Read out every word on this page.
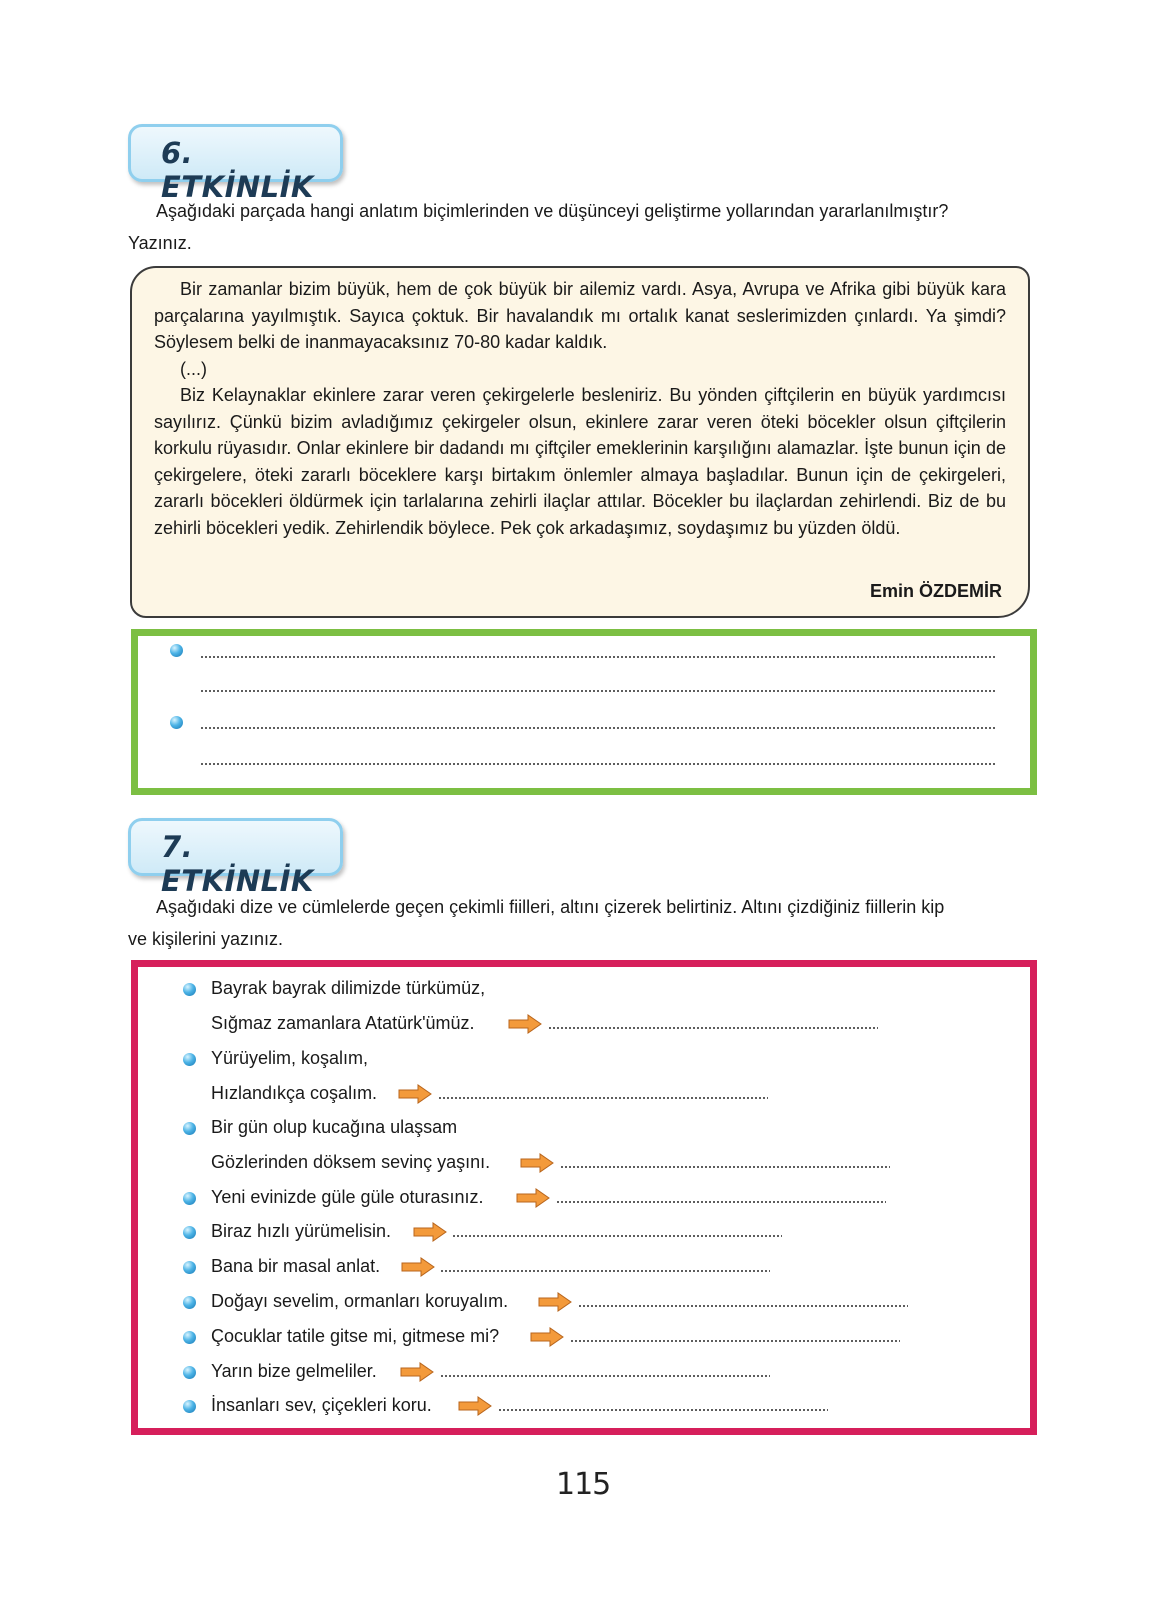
6. ETKİNLİK
Aşağıdaki parçada hangi anlatım biçimlerinden ve düşünceyi geliştirme yollarından yararlanılmıştır?
Yazınız.

Bir zamanlar bizim büyük, hem de çok büyük bir ailemiz vardı. Asya, Avrupa ve Afrika gibi büyük kara parçalarına yayılmıştık. Sayıca çoktuk. Bir havalandık mı ortalık kanat seslerimizden çınlardı. Ya şimdi? Söylesem belki de inanmayacaksınız 70-80 kadar kaldık.

(...)

Biz Kelaynaklar ekinlere zarar veren çekirgelerle besleniriz. Bu yönden çiftçilerin en büyük yardımcısı sayılırız. Çünkü bizim avladığımız çekirgeler olsun, ekinlere zarar veren öteki böcekler olsun çiftçilerin korkulu rüyasıdır. Onlar ekinlere bir dadandı mı çiftçiler emeklerinin karşılığını alamazlar. İşte bunun için de çekirgelere, öteki zararlı böceklere karşı birtakım önlemler almaya başladılar. Bunun için de çekirgeleri, zararlı böcekleri öldürmek için tarlalarına zehirli ilaçlar attılar. Böcekler bu ilaçlardan zehirlendi. Biz de bu zehirli böcekleri yedik. Zehirlendik böylece. Pek çok arkadaşımız, soydaşımız bu yüzden öldü.

Emin ÖZDEMİR
7. ETKİNLİK
Aşağıdaki dize ve cümlelerde geçen çekimli fiilleri, altını çizerek belirtiniz. Altını çizdiğiniz fiillerin kip
ve kişilerini yazınız.
Bayrak bayrak dilimizde türkümüz,
Sığmaz zamanlara Atatürk'ümüz.
Yürüyelim, koşalım,
Hızlandıkça coşalım.
Bir gün olup kucağına ulaşsam
Gözlerinden döksem sevinç yaşını.
Yeni evinizde güle güle oturasınız.
Biraz hızlı yürümelisin.
Bana bir masal anlat.
Doğayı sevelim, ormanları koruyalım.
Çocuklar tatile gitse mi, gitmese mi?
Yarın bize gelmeliler.
İnsanları sev, çiçekleri koru.
115
